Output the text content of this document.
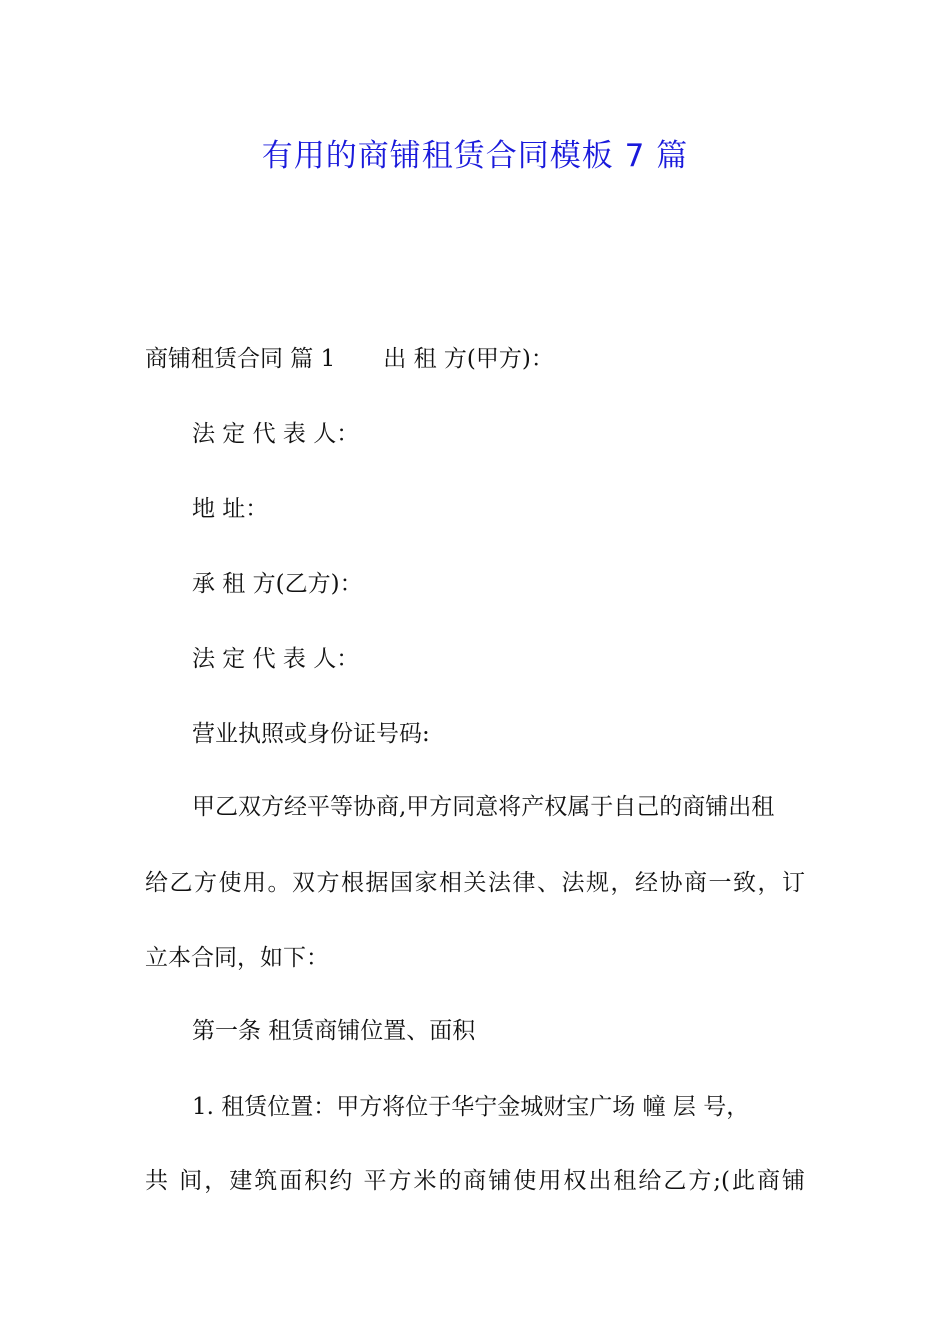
有用的商铺租赁合同模板 7 篇
商铺租赁合同 篇 1 出 租 方(甲方)：
法 定 代 表 人：
地 址：
承 租 方(乙方)：
法 定 代 表 人：
营业执照或身份证号码:
甲乙双方经平等协商,甲方同意将产权属于自己的商铺出租
给乙方使用。双方根据国家相关法律、法规，经协商一致，订
立本合同，如下：
第一条 租赁商铺位置、面积
1. 租赁位置：甲方将位于华宁金城财宝广场 幢 层 号，
共 间，建筑面积约 平方米的商铺使用权出租给乙方;(此商铺
